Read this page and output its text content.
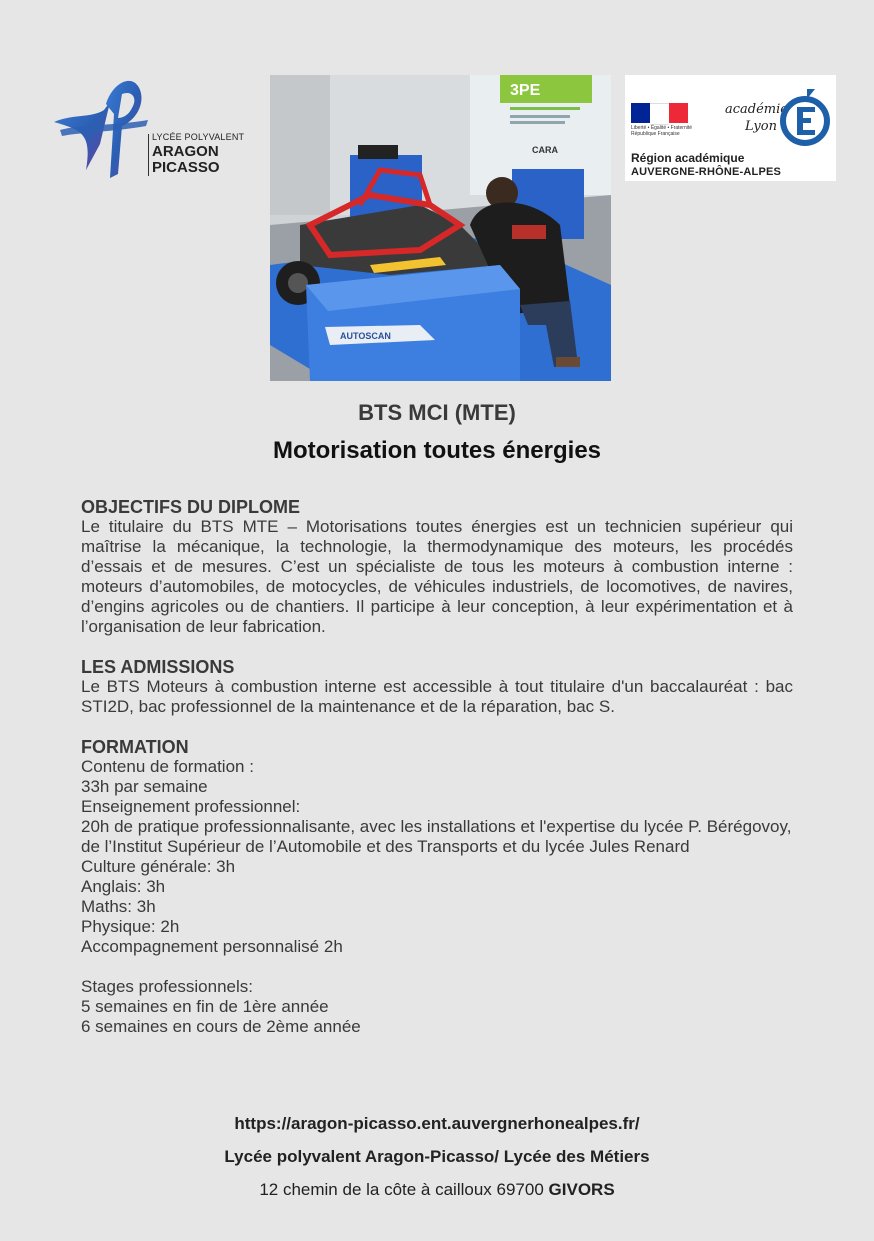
LYCÉE POLYVALENT
ARAGON
PICASSO
3PE
CARA
AUTOSCAN
Liberté • Égalité • Fraternité
République Française
académie
Lyon
Région académique
AUVERGNE-RHÔNE-ALPES
BTS MCI (MTE)
Motorisation toutes énergies
OBJECTIFS DU DIPLOME

Le titulaire du BTS MTE – Motorisations toutes énergies est un technicien supérieur qui maîtrise la mécanique, la technologie, la thermodynamique des moteurs, les procédés d’essais et de mesures. C’est un spécialiste de tous les moteurs à combustion interne : moteurs d’automobiles, de motocycles, de véhicules industriels, de locomotives, de navires, d’engins agricoles ou de chantiers. Il participe à leur conception, à leur expérimentation et à l’organisation de leur fabrication.

LES ADMISSIONS

Le BTS Moteurs à combustion interne est accessible à tout titulaire d'un baccalauréat : bac STI2D, bac professionnel de la maintenance et de la réparation, bac S.

FORMATION
Contenu de formation :
33h par semaine
Enseignement professionnel:
20h de pratique professionnalisante, avec les installations et l'expertise du lycée P. Bérégovoy, de l’Institut Supérieur de l’Automobile et des Transports et du lycée Jules Renard
Culture générale: 3h
Anglais: 3h
Maths: 3h
Physique: 2h
Accompagnement personnalisé 2h
Stages professionnels:
5 semaines en fin de 1ère année
6 semaines en cours de 2ème année
https://aragon-picasso.ent.auvergnerhonealpes.fr/
Lycée polyvalent Aragon-Picasso/ Lycée des Métiers
12 chemin de la côte à cailloux 69700 GIVORS
